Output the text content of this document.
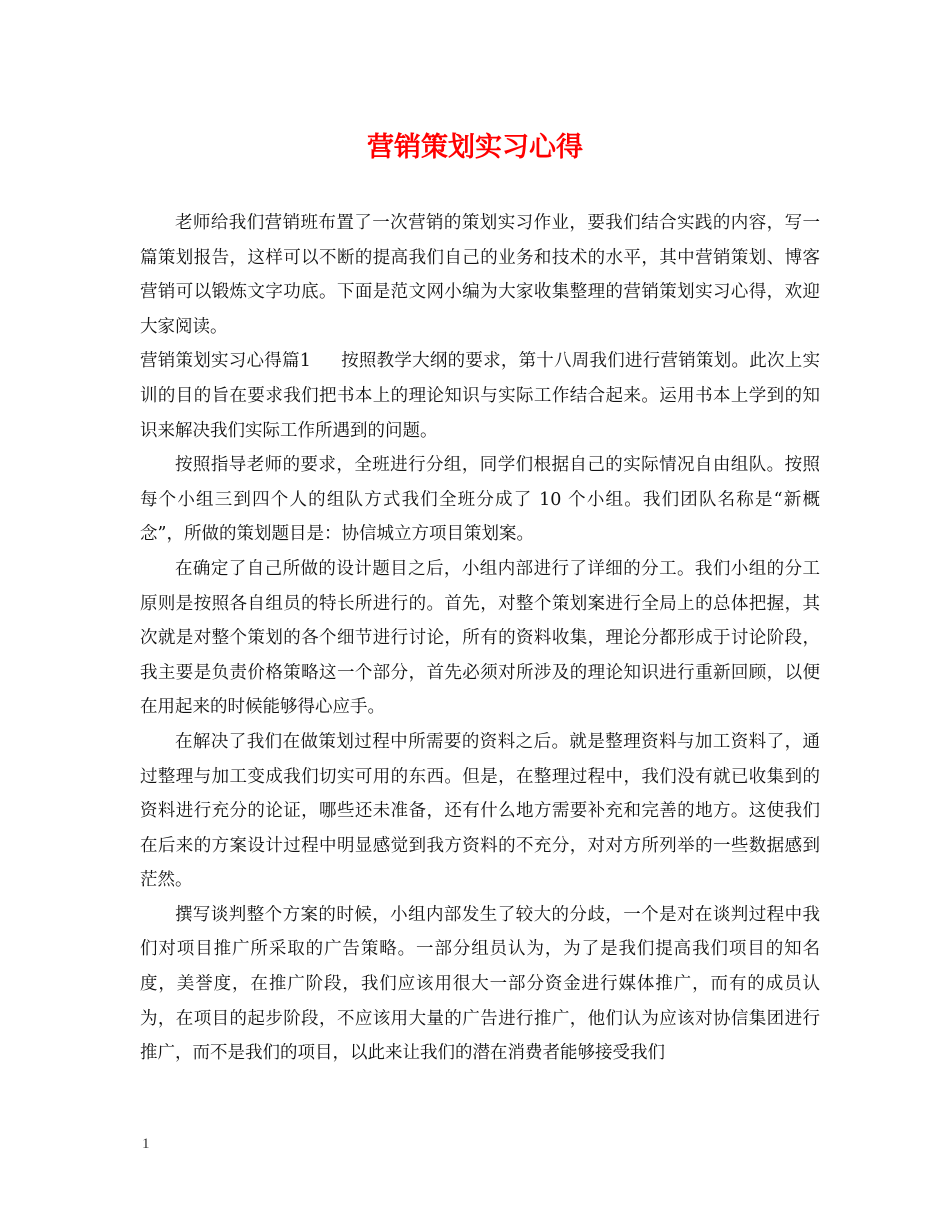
营销策划实习心得

老师给我们营销班布置了一次营销的策划实习作业，要我们结合实践的内容，写一篇策划报告，这样可以不断的提高我们自己的业务和技术的水平，其中营销策划、博客营销可以锻炼文字功底。下面是范文网小编为大家收集整理的营销策划实习心得，欢迎大家阅读。

营销策划实习心得篇1 按照教学大纲的要求，第十八周我们进行营销策划。此次上实训的目的旨在要求我们把书本上的理论知识与实际工作结合起来。运用书本上学到的知识来解决我们实际工作所遇到的问题。

按照指导老师的要求，全班进行分组，同学们根据自己的实际情况自由组队。按照每个小组三到四个人的组队方式我们全班分成了 10 个小组。我们团队名称是“新概念”，所做的策划题目是：协信城立方项目策划案。

在确定了自己所做的设计题目之后，小组内部进行了详细的分工。我们小组的分工原则是按照各自组员的特长所进行的。首先，对整个策划案进行全局上的总体把握，其次就是对整个策划的各个细节进行讨论，所有的资料收集，理论分都形成于讨论阶段，我主要是负责价格策略这一个部分，首先必须对所涉及的理论知识进行重新回顾，以便在用起来的时候能够得心应手。

在解决了我们在做策划过程中所需要的资料之后。就是整理资料与加工资料了，通过整理与加工变成我们切实可用的东西。但是，在整理过程中，我们没有就已收集到的资料进行充分的论证，哪些还未准备，还有什么地方需要补充和完善的地方。这使我们在后来的方案设计过程中明显感觉到我方资料的不充分，对对方所列举的一些数据感到茫然。

撰写谈判整个方案的时候，小组内部发生了较大的分歧，一个是对在谈判过程中我们对项目推广所采取的广告策略。一部分组员认为，为了是我们提高我们项目的知名度，美誉度，在推广阶段，我们应该用很大一部分资金进行媒体推广，而有的成员认为，在项目的起步阶段，不应该用大量的广告进行推广，他们认为应该对协信集团进行推广，而不是我们的项目，以此来让我们的潜在消费者能够接受我们

1
